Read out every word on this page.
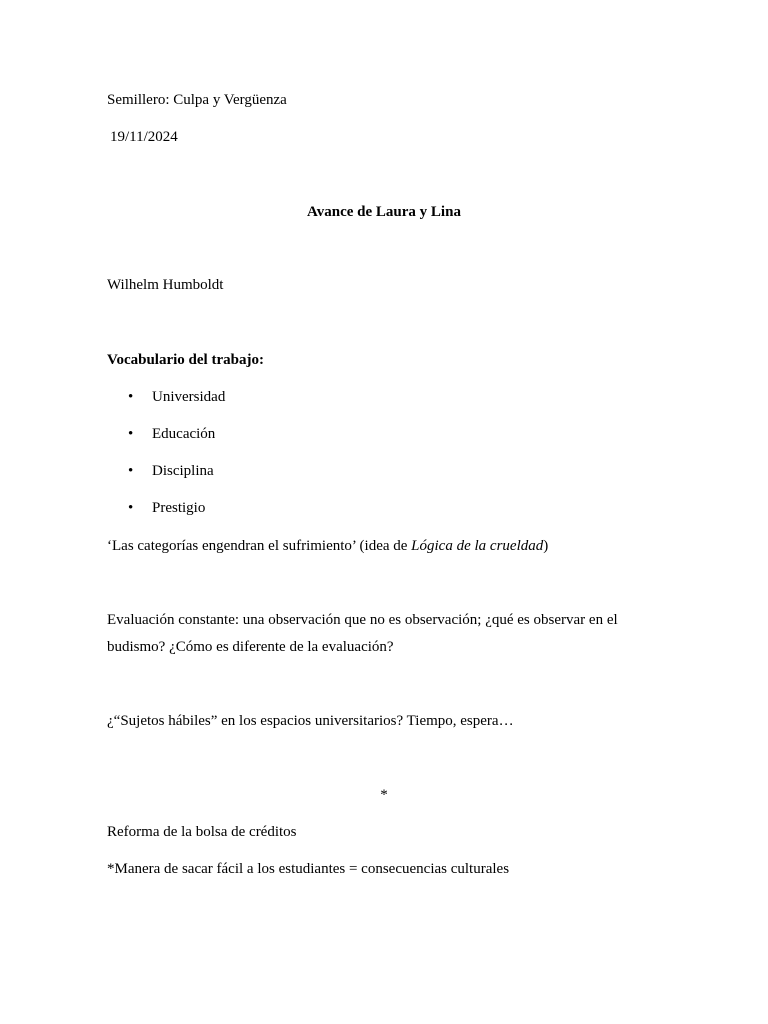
Semillero: Culpa y Vergüenza
19/11/2024
Avance de Laura y Lina
Wilhelm Humboldt
Vocabulario del trabajo:
• Universidad
• Educación
• Disciplina
• Prestigio
‘Las categorías engendran el sufrimiento’ (idea de Lógica de la crueldad)
Evaluación constante: una observación que no es observación; ¿qué es observar en el
budismo? ¿Cómo es diferente de la evaluación?
¿“Sujetos hábiles” en los espacios universitarios? Tiempo, espera…
*
Reforma de la bolsa de créditos
*Manera de sacar fácil a los estudiantes = consecuencias culturales
